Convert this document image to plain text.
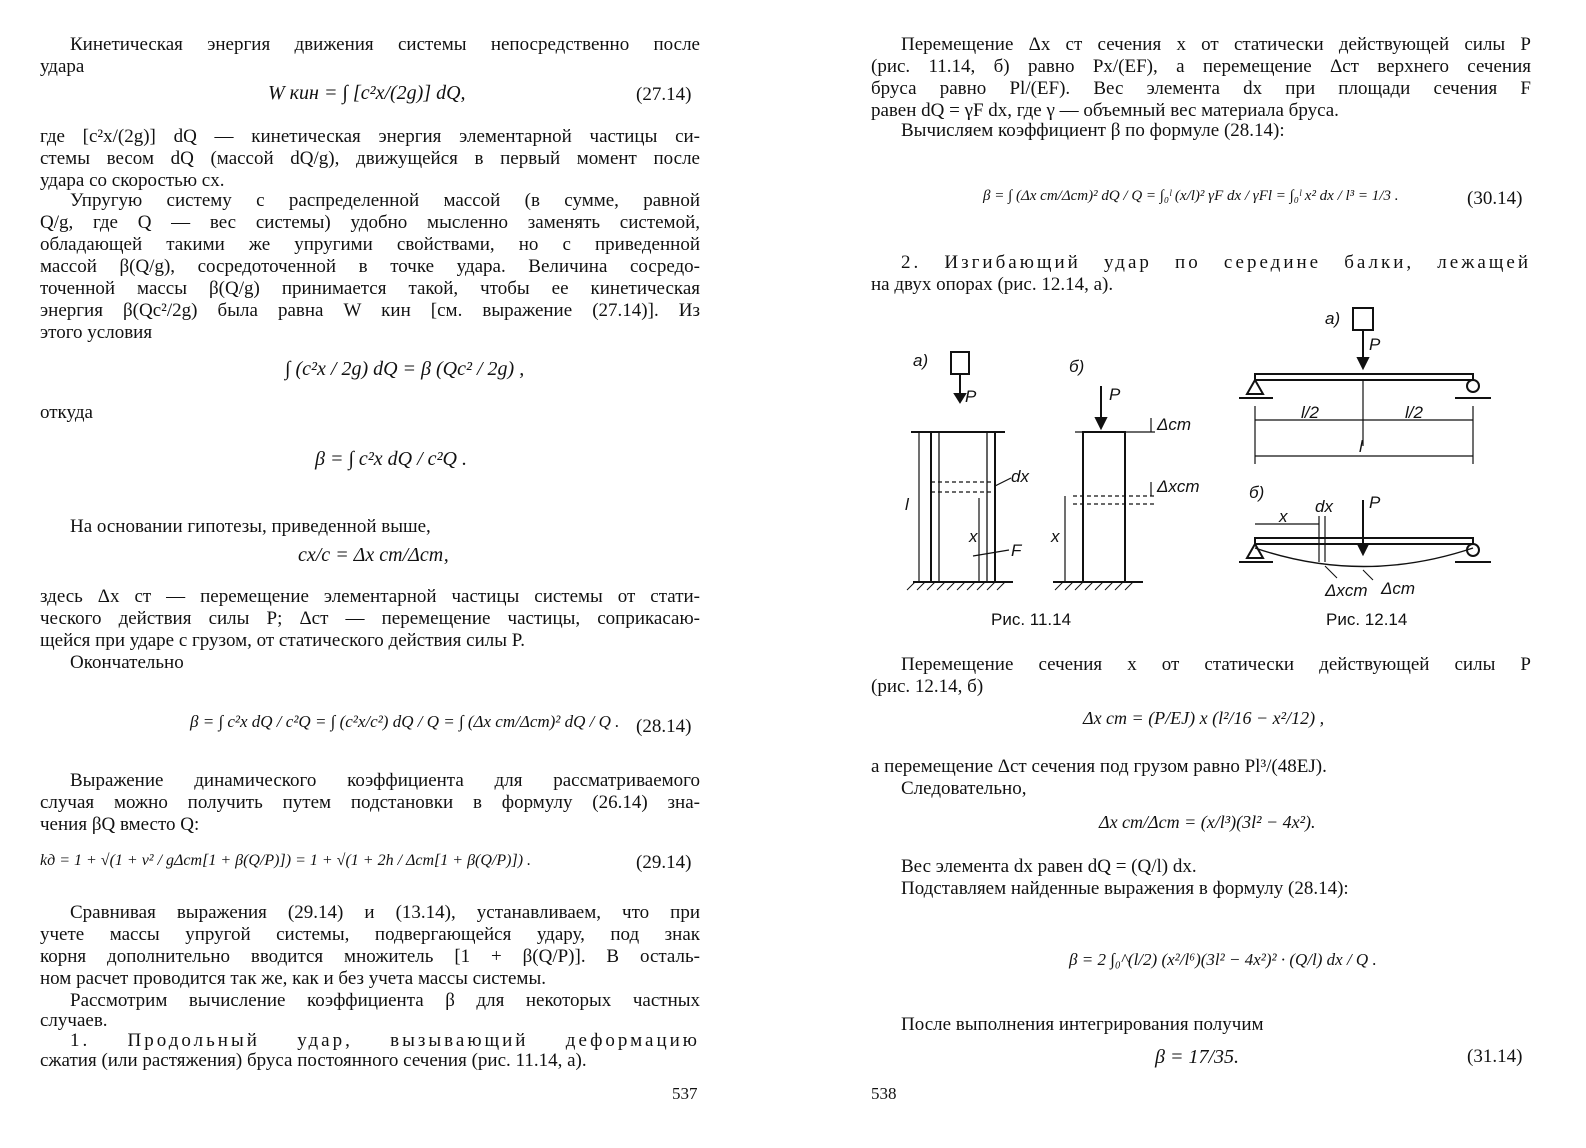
Кинетическая энергия движения системы непосредственно после
удара
W кин = ∫ [c²x/(2g)] dQ,	(27.14)
где [c²x/(2g)] dQ — кинетическая энергия элементарной частицы си-
стемы весом dQ (массой dQ/g), движущейся в первый момент после
удара со скоростью cx.
Упругую систему с распределенной массой (в сумме, равной
Q/g, где Q — вес системы) удобно мысленно заменять системой,
обладающей такими же упругими свойствами, но с приведенной
массой β(Q/g), сосредоточенной в точке удара. Величина сосредо-
точенной массы β(Q/g) принимается такой, чтобы ее кинетическая
энергия β(Qc²/2g) была равна W кин [см. выражение (27.14)]. Из
этого условия
∫ (c²x / 2g) dQ = β (Qc² / 2g) ,
откуда
β = ∫ c²x dQ / c²Q .
На основании гипотезы, приведенной выше,
cx/c = Δx ст/Δст,
здесь Δx ст — перемещение элементарной частицы системы от стати-
ческого действия силы P; Δст — перемещение частицы, соприкасаю-
щейся при ударе с грузом, от статического действия силы P.
Окончательно
β = ∫ c²x dQ / c²Q = ∫ (c²x/c²) dQ / Q = ∫ (Δx ст/Δст)² dQ / Q . (28.14)
Выражение динамического коэффициента для рассматриваемого
случая можно получить путем подстановки в формулу (26.14) зна-
чения βQ вместо Q:
kд = 1 + √(1 + v² / gΔст[1 + β(Q/P)]) = 1 + √(1 + 2h / Δст[1 + β(Q/P)]) .	(29.14)
Сравнивая выражения (29.14) и (13.14), устанавливаем, что при
учете массы упругой системы, подвергающейся удару, под знак
корня дополнительно вводится множитель [1 + β(Q/P)]. В осталь-
ном расчет проводится так же, как и без учета массы системы.
Рассмотрим вычисление коэффициента β для некоторых частных
случаев.
1. Продольный удар, вызывающий деформацию
сжатия (или растяжения) бруса постоянного сечения (рис. 11.14, а).
537
Перемещение Δx ст сечения x от статически действующей силы P
(рис. 11.14, б) равно Px/(EF), а перемещение Δст верхнего сечения
бруса равно Pl/(EF). Вес элемента dx при площади сечения F
равен dQ = γF dx, где γ — объемный вес материала бруса.
Вычисляем коэффициент β по формуле (28.14):
β = ∫ (Δx ст/Δст)² dQ / Q = ∫₀ˡ (x/l)² γF dx / γFl = ∫₀ˡ x² dx / l³ = 1/3 .	(30.14)
2. Изгибающий удар по середине балки, лежащей
на двух опорах (рис. 12.14, а).
а)
P
l
dx
x
F
б)
P
Δст
Δxст
x
Рис. 11.14
а)
P
l/2	l/2
l
б)
dx P
x
Δxст Δст
Рис. 12.14
Перемещение сечения x от статически действующей силы P
(рис. 12.14, б)
Δx ст = (P/EJ) x (l²/16 − x²/12) ,
а перемещение Δст сечения под грузом равно Pl³/(48EJ).
Следовательно,
Δx ст/Δст = (x/l³)(3l² − 4x²).
Вес элемента dx равен dQ = (Q/l) dx.
Подставляем найденные выражения в формулу (28.14):
β = 2 ∫₀^(l/2) (x²/l⁶)(3l² − 4x²)² · (Q/l) dx / Q .
После выполнения интегрирования получим
β = 17/35.	(31.14)
538
